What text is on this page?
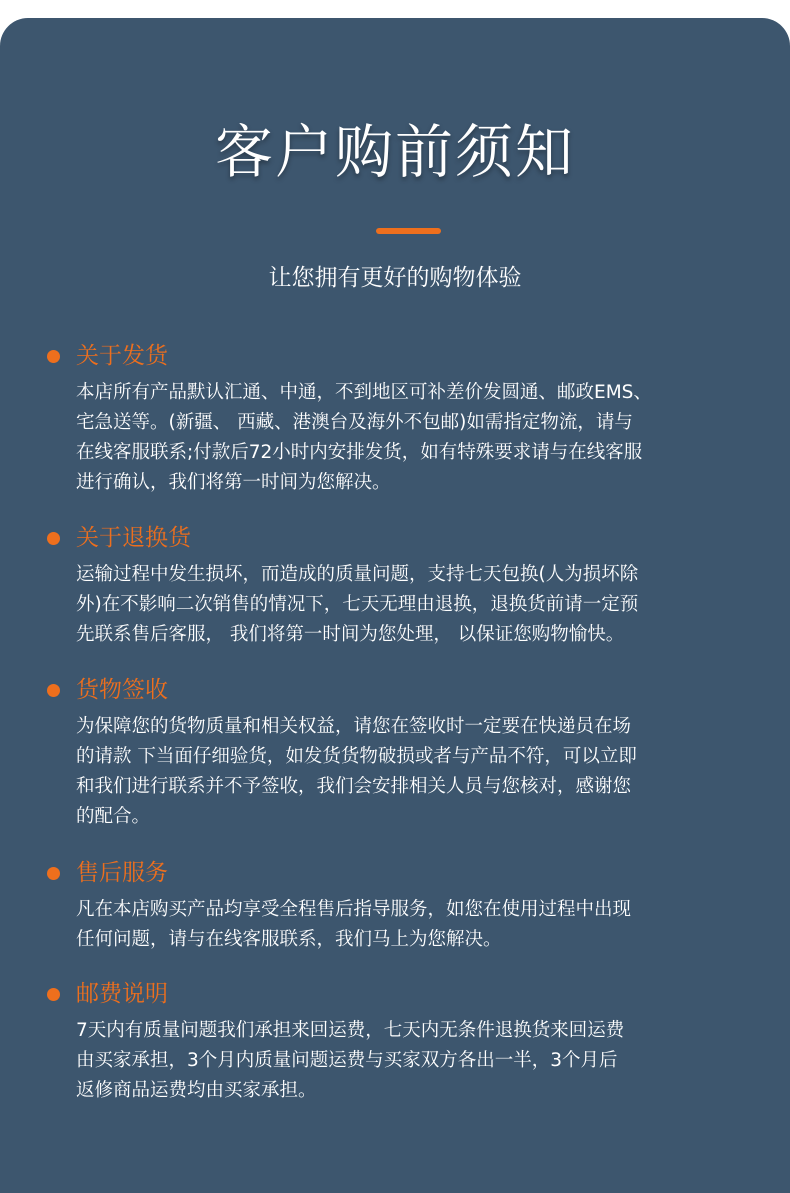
客户购前须知
让您拥有更好的购物体验
关于发货
本店所有产品默认汇通、中通，不到地区可补差价发圆通、邮政EMS、
宅急送等。(新疆、 西藏、港澳台及海外不包邮)如需指定物流，请与
在线客服联系;付款后72小时内安排发货，如有特殊要求请与在线客服
进行确认，我们将第一时间为您解决。
关于退换货
运输过程中发生损坏，而造成的质量问题，支持七天包换(人为损坏除
外)在不影响二次销售的情况下，七天无理由退换，退换货前请一定预
先联系售后客服， 我们将第一时间为您处理， 以保证您购物愉快。
货物签收
为保障您的货物质量和相关权益，请您在签收时一定要在快递员在场
的请款 下当面仔细验货，如发货货物破损或者与产品不符，可以立即
和我们进行联系并不予签收，我们会安排相关人员与您核对，感谢您
的配合。
售后服务
凡在本店购买产品均享受全程售后指导服务，如您在使用过程中出现
任何问题，请与在线客服联系，我们马上为您解决。
邮费说明
7天内有质量问题我们承担来回运费，七天内无条件退换货来回运费
由买家承担，3个月内质量问题运费与买家双方各出一半，3个月后
返修商品运费均由买家承担。
